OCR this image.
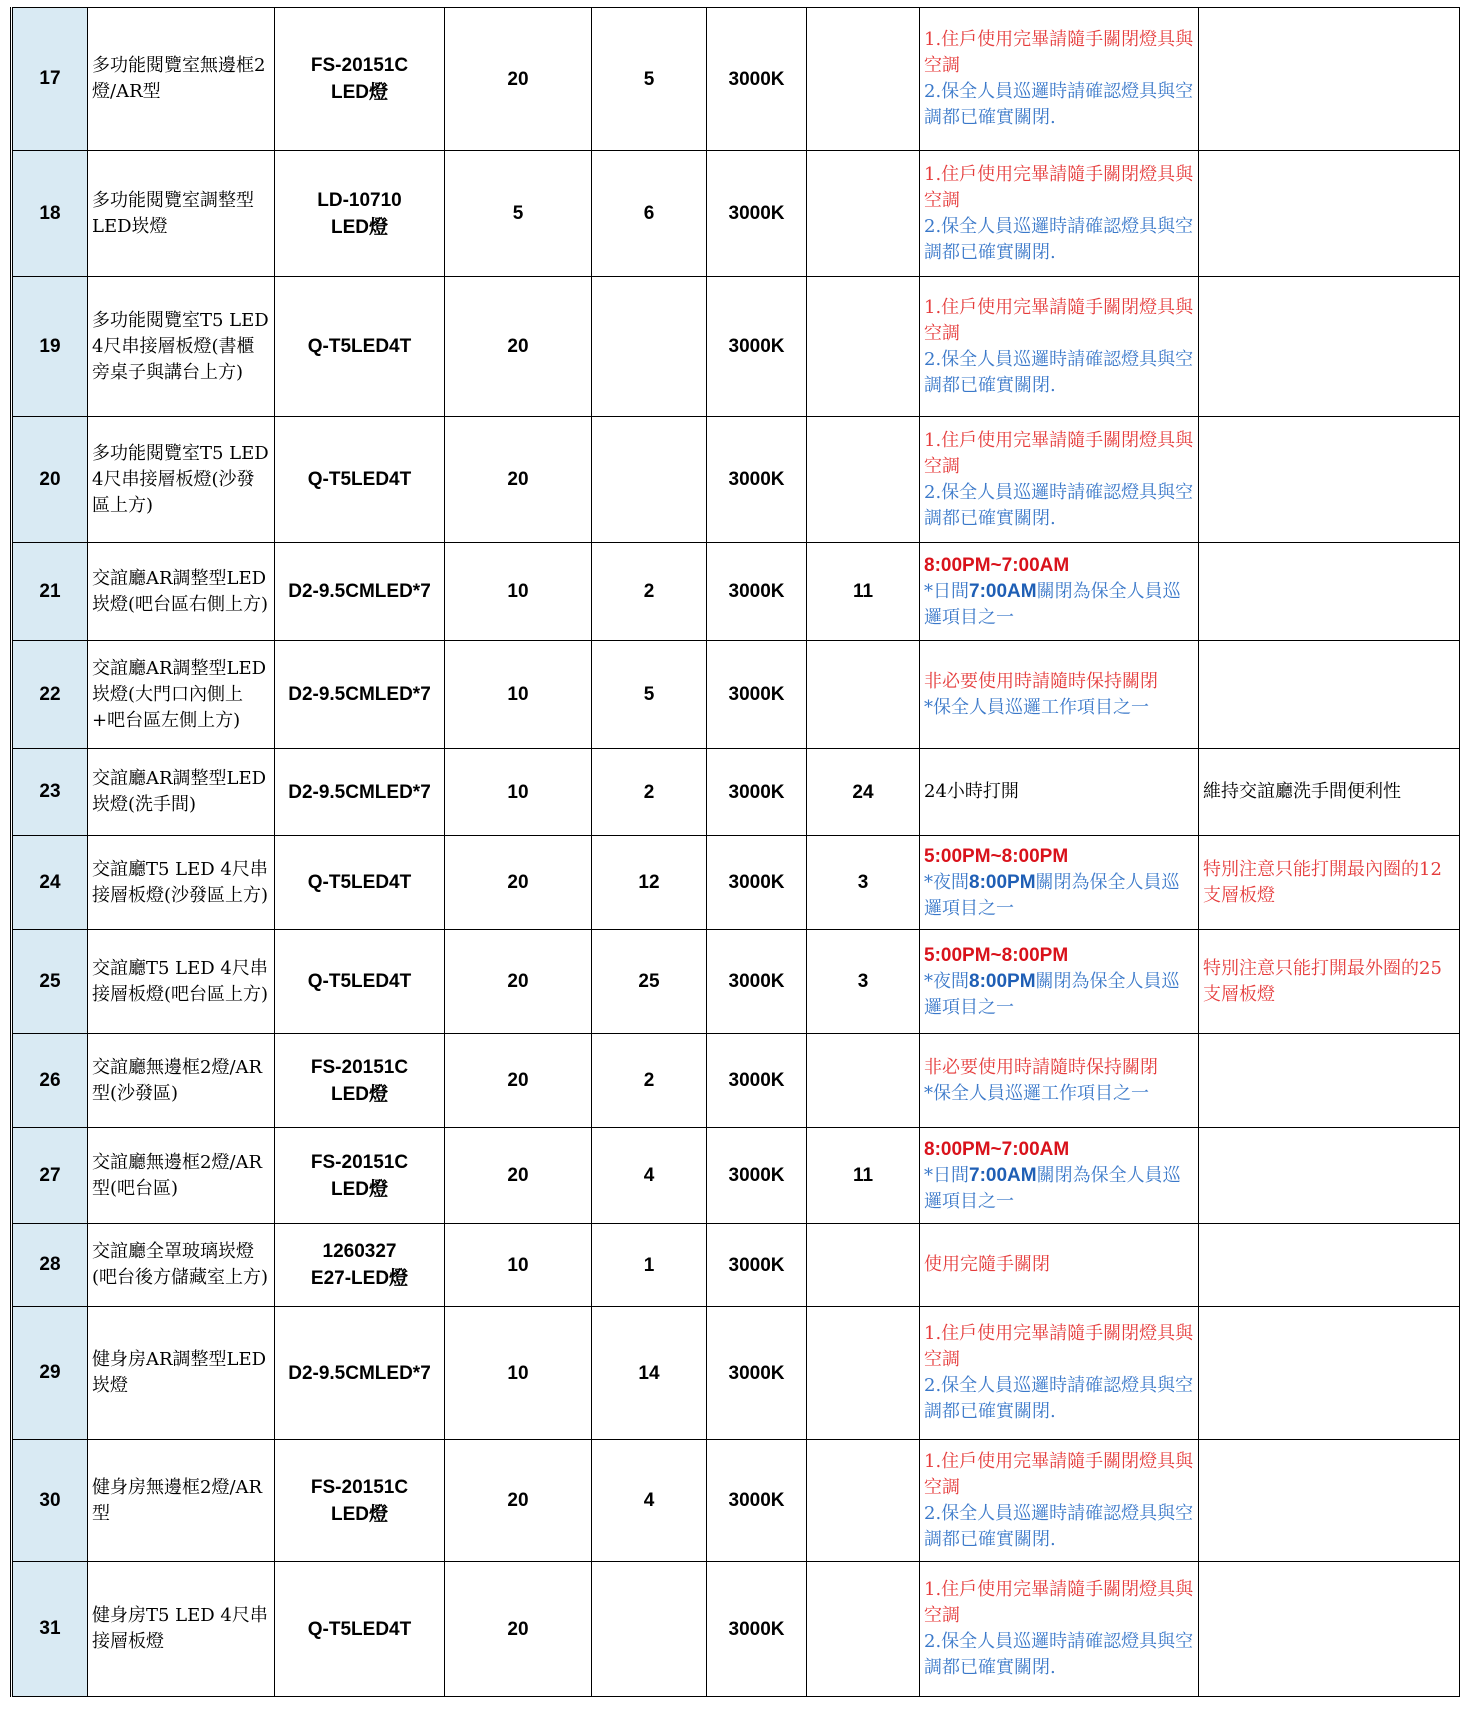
17	多功能閱覽室無邊框2燈/AR型	FS-20151C
LED燈	20	5	3000K		1.住戶使用完畢請隨手關閉燈具與空調
2.保全人員巡邏時請確認燈具與空調都已確實關閉.	

18	多功能閱覽室調整型LED崁燈	LD-10710
LED燈	5	6	3000K		1.住戶使用完畢請隨手關閉燈具與空調
2.保全人員巡邏時請確認燈具與空調都已確實關閉.	

19	多功能閱覽室T5 LED 4尺串接層板燈(書櫃旁桌子與講台上方)	Q-T5LED4T	20		3000K		1.住戶使用完畢請隨手關閉燈具與空調
2.保全人員巡邏時請確認燈具與空調都已確實關閉.	

20	多功能閱覽室T5 LED 4尺串接層板燈(沙發區上方)	Q-T5LED4T	20		3000K		1.住戶使用完畢請隨手關閉燈具與空調
2.保全人員巡邏時請確認燈具與空調都已確實關閉.	

21	交誼廳AR調整型LED崁燈(吧台區右側上方)	D2-9.5CMLED*7	10	2	3000K	11	8:00PM~7:00AM
*日間7:00AM關閉為保全人員巡邏項目之一	

22	交誼廳AR調整型LED崁燈(大門口內側上+吧台區左側上方)	D2-9.5CMLED*7	10	5	3000K		非必要使用時請隨時保持關閉
*保全人員巡邏工作項目之一	

23	交誼廳AR調整型LED崁燈(洗手間)	D2-9.5CMLED*7	10	2	3000K	24	24小時打開	維持交誼廳洗手間便利性
24	交誼廳T5 LED 4尺串接層板燈(沙發區上方)	Q-T5LED4T	20	12	3000K	3	5:00PM~8:00PM
*夜間8:00PM關閉為保全人員巡邏項目之一	特別注意只能打開最內圈的12支層板燈
25	交誼廳T5 LED 4尺串接層板燈(吧台區上方)	Q-T5LED4T	20	25	3000K	3	5:00PM~8:00PM
*夜間8:00PM關閉為保全人員巡邏項目之一	特別注意只能打開最外圈的25支層板燈
26	交誼廳無邊框2燈/AR型(沙發區)	FS-20151C
LED燈	20	2	3000K		非必要使用時請隨時保持關閉
*保全人員巡邏工作項目之一	

27	交誼廳無邊框2燈/AR型(吧台區)	FS-20151C
LED燈	20	4	3000K	11	8:00PM~7:00AM
*日間7:00AM關閉為保全人員巡邏項目之一	

28	交誼廳全罩玻璃崁燈(吧台後方儲藏室上方)	1260327
E27-LED燈	10	1	3000K		使用完隨手關閉	

29	健身房AR調整型LED崁燈	D2-9.5CMLED*7	10	14	3000K		1.住戶使用完畢請隨手關閉燈具與空調
2.保全人員巡邏時請確認燈具與空調都已確實關閉.	

30	健身房無邊框2燈/AR型	FS-20151C
LED燈	20	4	3000K		1.住戶使用完畢請隨手關閉燈具與空調
2.保全人員巡邏時請確認燈具與空調都已確實關閉.	

31	健身房T5 LED 4尺串接層板燈	Q-T5LED4T	20		3000K		1.住戶使用完畢請隨手關閉燈具與空調
2.保全人員巡邏時請確認燈具與空調都已確實關閉.	
